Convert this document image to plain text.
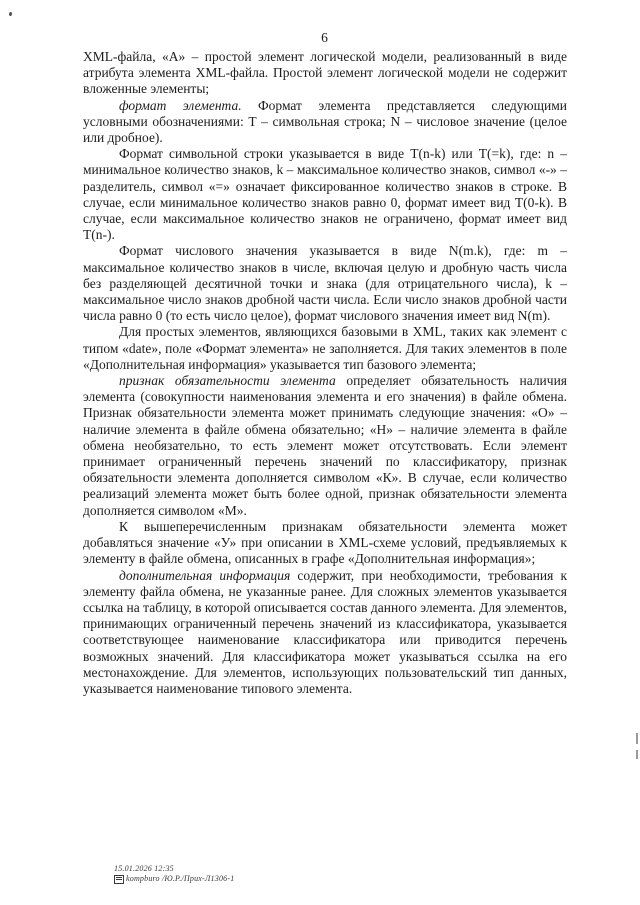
6

XML-файла, «А» – простой элемент логической модели, реализованный в виде атрибута элемента XML-файла. Простой элемент логической модели не содержит вложенные элементы;

формат элемента. Формат элемента представляется следующими условными обозначениями: T – символьная строка; N – числовое значение (целое или дробное).

Формат символьной строки указывается в виде T(n-k) или T(=k), где: n – минимальное количество знаков, k – максимальное количество знаков, символ «-» – разделитель, символ «=» означает фиксированное количество знаков в строке. В случае, если минимальное количество знаков равно 0, формат имеет вид T(0-k). В случае, если максимальное количество знаков не ограничено, формат имеет вид T(n-).

Формат числового значения указывается в виде N(m.k), где: m – максимальное количество знаков в числе, включая целую и дробную часть числа без разделяющей десятичной точки и знака (для отрицательного числа), k – максимальное число знаков дробной части числа. Если число знаков дробной части числа равно 0 (то есть число целое), формат числового значения имеет вид N(m).

Для простых элементов, являющихся базовыми в XML, таких как элемент с типом «date», поле «Формат элемента» не заполняется. Для таких элементов в поле «Дополнительная информация» указывается тип базового элемента;

признак обязательности элемента определяет обязательность наличия элемента (совокупности наименования элемента и его значения) в файле обмена. Признак обязательности элемента может принимать следующие значения: «О» – наличие элемента в файле обмена обязательно; «Н» – наличие элемента в файле обмена необязательно, то есть элемент может отсутствовать. Если элемент принимает ограниченный перечень значений по классификатору, признак обязательности элемента дополняется символом «К». В случае, если количество реализаций элемента может быть более одной, признак обязательности элемента дополняется символом «М».

К вышеперечисленным признакам обязательности элемента может добавляться значение «У» при описании в XML-схеме условий, предъявляемых к элементу в файле обмена, описанных в графе «Дополнительная информация»;

дополнительная информация содержит, при необходимости, требования к элементу файла обмена, не указанные ранее. Для сложных элементов указывается ссылка на таблицу, в которой описывается состав данного элемента. Для элементов, принимающих ограниченный перечень значений из классификатора, указывается соответствующее наименование классификатора или приводится перечень возможных значений. Для классификатора может указываться ссылка на его местонахождение. Для элементов, использующих пользовательский тип данных, указывается наименование типового элемента.

15.01.2026 12:35
kompburo /Ю.Р./Прих-Л1306-1
